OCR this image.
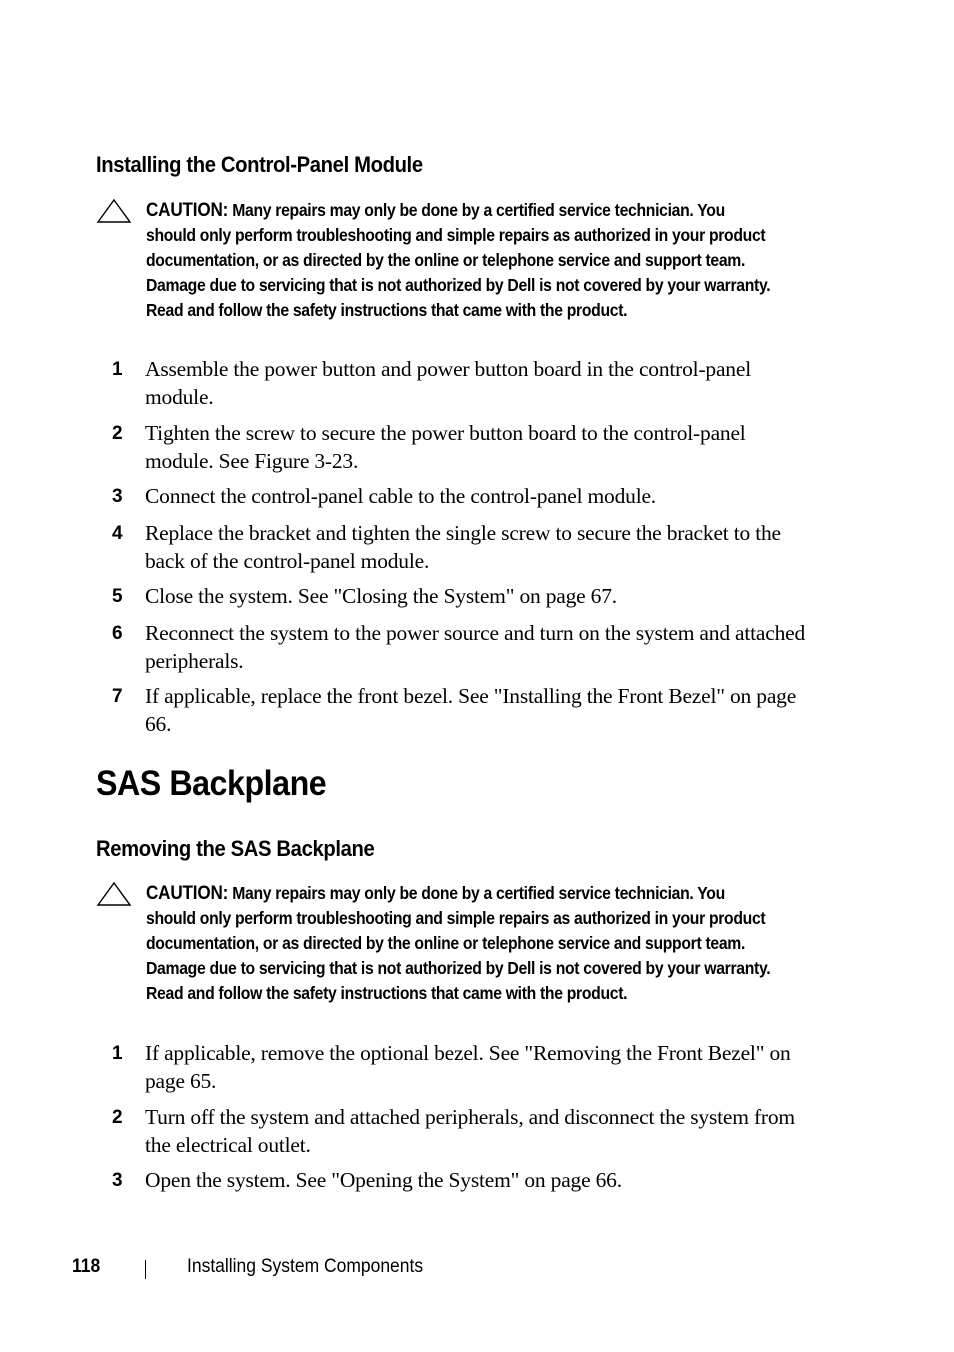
Installing the Control-Panel Module
CAUTION: Many repairs may only be done by a certified service technician. You should only perform troubleshooting and simple repairs as authorized in your product documentation, or as directed by the online or telephone service and support team. Damage due to servicing that is not authorized by Dell is not covered by your warranty. Read and follow the safety instructions that came with the product.
1 Assemble the power button and power button board in the control-panel module.
2 Tighten the screw to secure the power button board to the control-panel module. See Figure 3-23.
3 Connect the control-panel cable to the control-panel module.
4 Replace the bracket and tighten the single screw to secure the bracket to the back of the control-panel module.
5 Close the system. See "Closing the System" on page 67.
6 Reconnect the system to the power source and turn on the system and attached peripherals.
7 If applicable, replace the front bezel. See "Installing the Front Bezel" on page 66.
SAS Backplane
Removing the SAS Backplane
CAUTION: Many repairs may only be done by a certified service technician. You should only perform troubleshooting and simple repairs as authorized in your product documentation, or as directed by the online or telephone service and support team. Damage due to servicing that is not authorized by Dell is not covered by your warranty. Read and follow the safety instructions that came with the product.
1 If applicable, remove the optional bezel. See "Removing the Front Bezel" on page 65.
2 Turn off the system and attached peripherals, and disconnect the system from the electrical outlet.
3 Open the system. See "Opening the System" on page 66.
118	Installing System Components
